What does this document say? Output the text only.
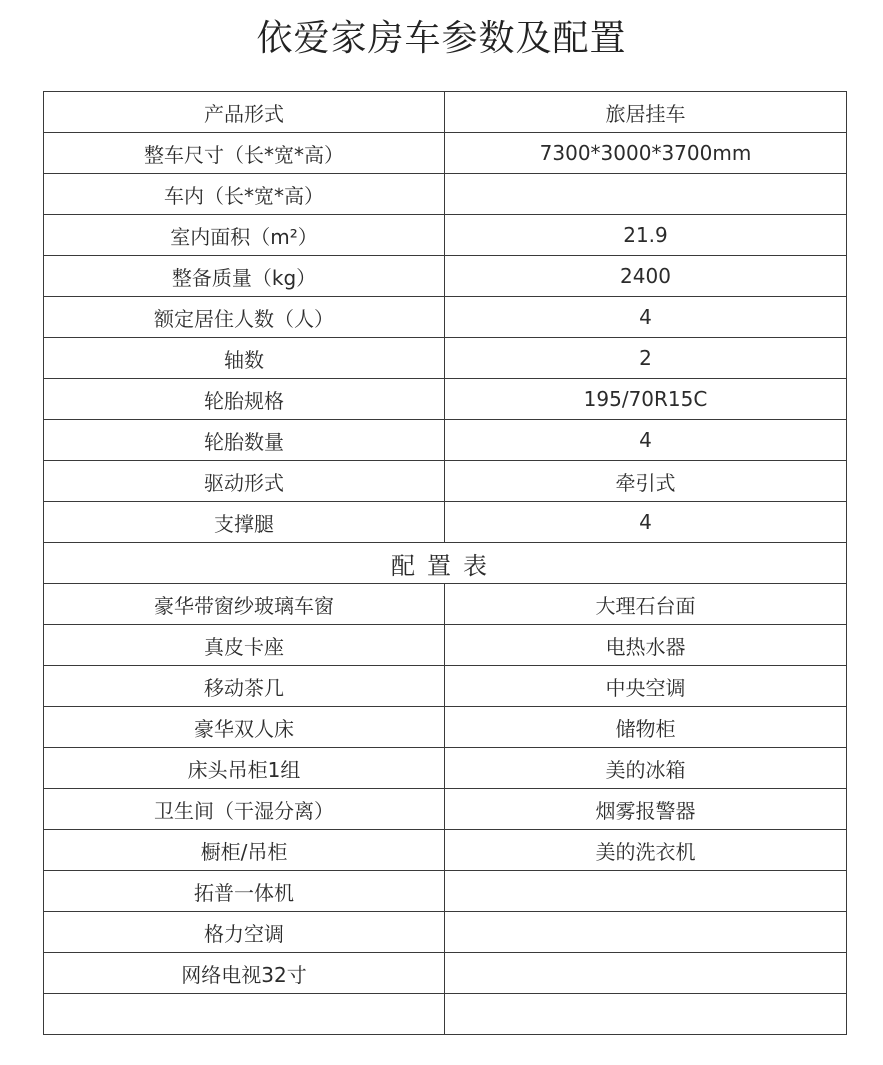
依爱家房车参数及配置
产品形式	旅居挂车
整车尺寸（长*宽*高）	7300*3000*3700mm
车内（长*宽*高）	
室内面积（m²）	21.9
整备质量（kg）	2400
额定居住人数（人）	4
轴数	2
轮胎规格	195/70R15C
轮胎数量	4
驱动形式	牵引式
支撑腿	4
配置表	
豪华带窗纱玻璃车窗	大理石台面
真皮卡座	电热水器
移动茶几	中央空调
豪华双人床	储物柜
床头吊柜1组	美的冰箱
卫生间（干湿分离）	烟雾报警器
橱柜/吊柜	美的洗衣机
拓普一体机	
格力空调	
网络电视32寸	
